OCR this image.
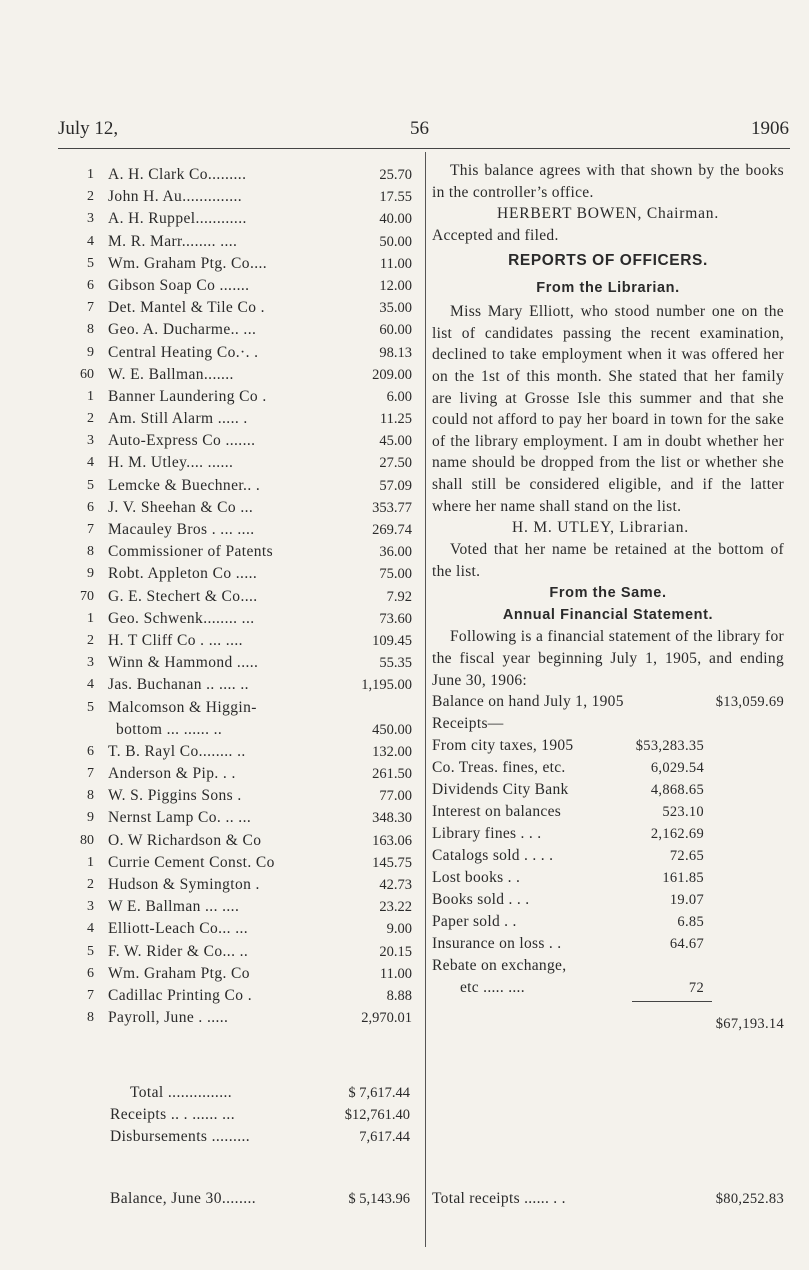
July 12,	56	1906
1 A. H. Clark Co.........	25.70
2 John H. Au..............	17.55
3 A. H. Ruppel............	40.00
4 M. R. Marr........ ....	50.00
5 Wm. Graham Ptg. Co....	11.00
6 Gibson Soap Co .......	12.00
7 Det. Mantel & Tile Co .	35.00
8 Geo. A. Ducharme.. ...	60.00
9 Central Heating Co.·. .	98.13
60 W. E. Ballman.......	209.00
1 Banner Laundering Co .	6.00
2 Am. Still Alarm ..... .	11.25
3 Auto-Express Co .......	45.00
4 H. M. Utley.... ......	27.50
5 Lemcke & Buechner.. .	57.09
6 J. V. Sheehan & Co ...	353.77
7 Macauley Bros . ... ....	269.74
8 Commissioner of Patents	36.00
9 Robt. Appleton Co .....	75.00
70 G. E. Stechert & Co....	7.92
1 Geo. Schwenk........ ...	73.60
2 H. T Cliff Co . ... ....	109.45
3 Winn & Hammond .....	55.35
4 Jas. Buchanan .. .... ..	1,195.00
5 Malcomson & Higgin-
bottom ... ...... ..	450.00
6 T. B. Rayl Co........ ..	132.00
7 Anderson & Pip. . .	261.50
8 W. S. Piggins Sons .	77.00
9 Nernst Lamp Co. .. ...	348.30
80 O. W Richardson & Co	163.06
1 Currie Cement Const. Co	145.75
2 Hudson & Symington .	42.73
3 W E. Ballman ... ....	23.22
4 Elliott-Leach Co... ...	9.00
5 F. W. Rider & Co... ..	20.15
6 Wm. Graham Ptg. Co	11.00
7 Cadillac Printing Co .	8.88
8 Payroll, June . .....	2,970.01
Total ...............	$ 7,617.44
Receipts .. . ...... ...	$12,761.40
Disbursements .........	7,617.44
Balance, June 30........	$ 5,143.96
This balance agrees with that shown by the books in the controller’s office.
HERBERT BOWEN, Chairman.
Accepted and filed.
REPORTS OF OFFICERS.
From the Librarian.
Miss Mary Elliott, who stood number one on the list of candidates passing the recent examination, declined to take employment when it was offered her on the 1st of this month. She stated that her family are living at Grosse Isle this summer and that she could not afford to pay her board in town for the sake of the library employment. I am in doubt whether her name should be dropped from the list or whether she shall still be considered eligible, and if the latter where her name shall stand on the list.
H. M. UTLEY, Librarian.
Voted that her name be retained at the bottom of the list.
From the Same.
Annual Financial Statement.
Following is a financial statement of the library for the fiscal year beginning July 1, 1905, and ending June 30, 1906:
Balance on hand July 1, 1905	$13,059.69
Receipts—
From city taxes, 1905	$53,283.35
Co. Treas. fines, etc.	6,029.54
Dividends City Bank	4,868.65
Interest on balances	523.10
Library fines . . .	2,162.69
Catalogs sold . . . .	72.65
Lost books . .	161.85
Books sold . . .	19.07
Paper sold . .	6.85
Insurance on loss . .	64.67
Rebate on exchange,
etc ..... ....	72
$67,193.14
Total receipts ...... . .	$80,252.83
